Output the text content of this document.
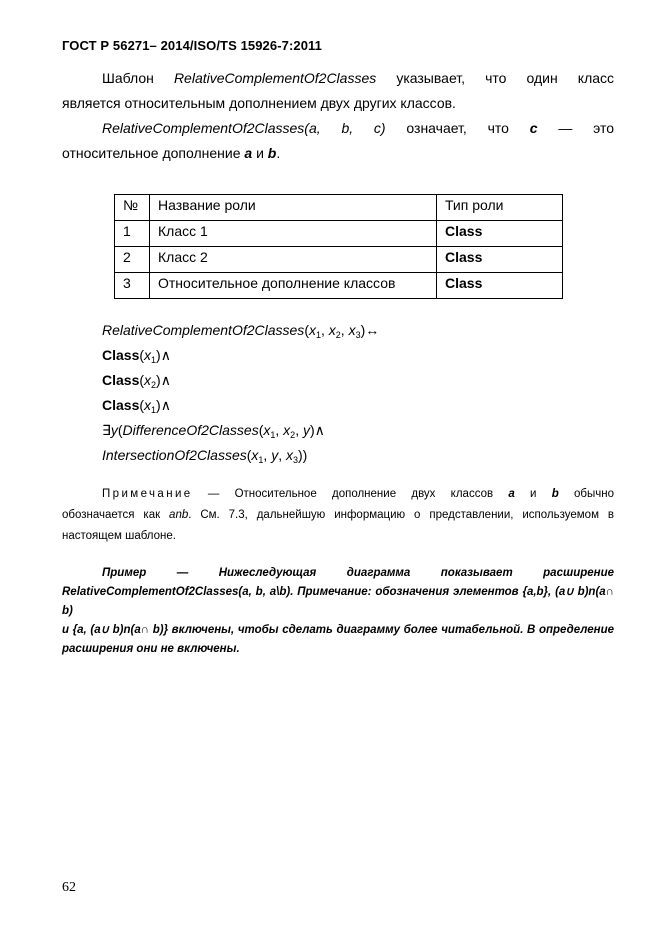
ГОСТ Р 56271– 2014/ISO/TS 15926-7:2011
Шаблон RelativeComplementOf2Classes указывает, что один класс
является относительным дополнением двух других классов.
RelativeComplementOf2Classes(a, b, c) означает, что c — это
относительное дополнение a и b.
№	Название роли	Тип роли
1	Класс 1	Class
2	Класс 2	Class
3	Относительное дополнение классов	Class
$RelativeComplementOf2Classes(x_1$, $x_2$, $x_3)\leftrightarrow$
$Class(x_1)\wedge$
$Class(x_2)\wedge$
$Class(x_1)\wedge$
$\exists y(DifferenceOf2Classes(x_1$, $x_2$, y)∧
$IntersectionOf2Classes(x_1$, y, $x_3$))
Примечание — Относительное дополнение двух классов a и b обычно
обозначается как anb. См. 7.3, дальнейшую информацию о представлении, используемом в
настоящем шаблоне.
Пример	—	Нижеследующая	диаграмма	показывает	расширение
RelativeComplementOf2Classes(a, b, a\b). Примечание: обозначения элементов {a,b}, (a∪ b)n(a∩ b)
и {a, (a∪ b)n(a∩ b)} включены, чтобы сделать диаграмму более читабельной. В определение
расширения они не включены.
62
